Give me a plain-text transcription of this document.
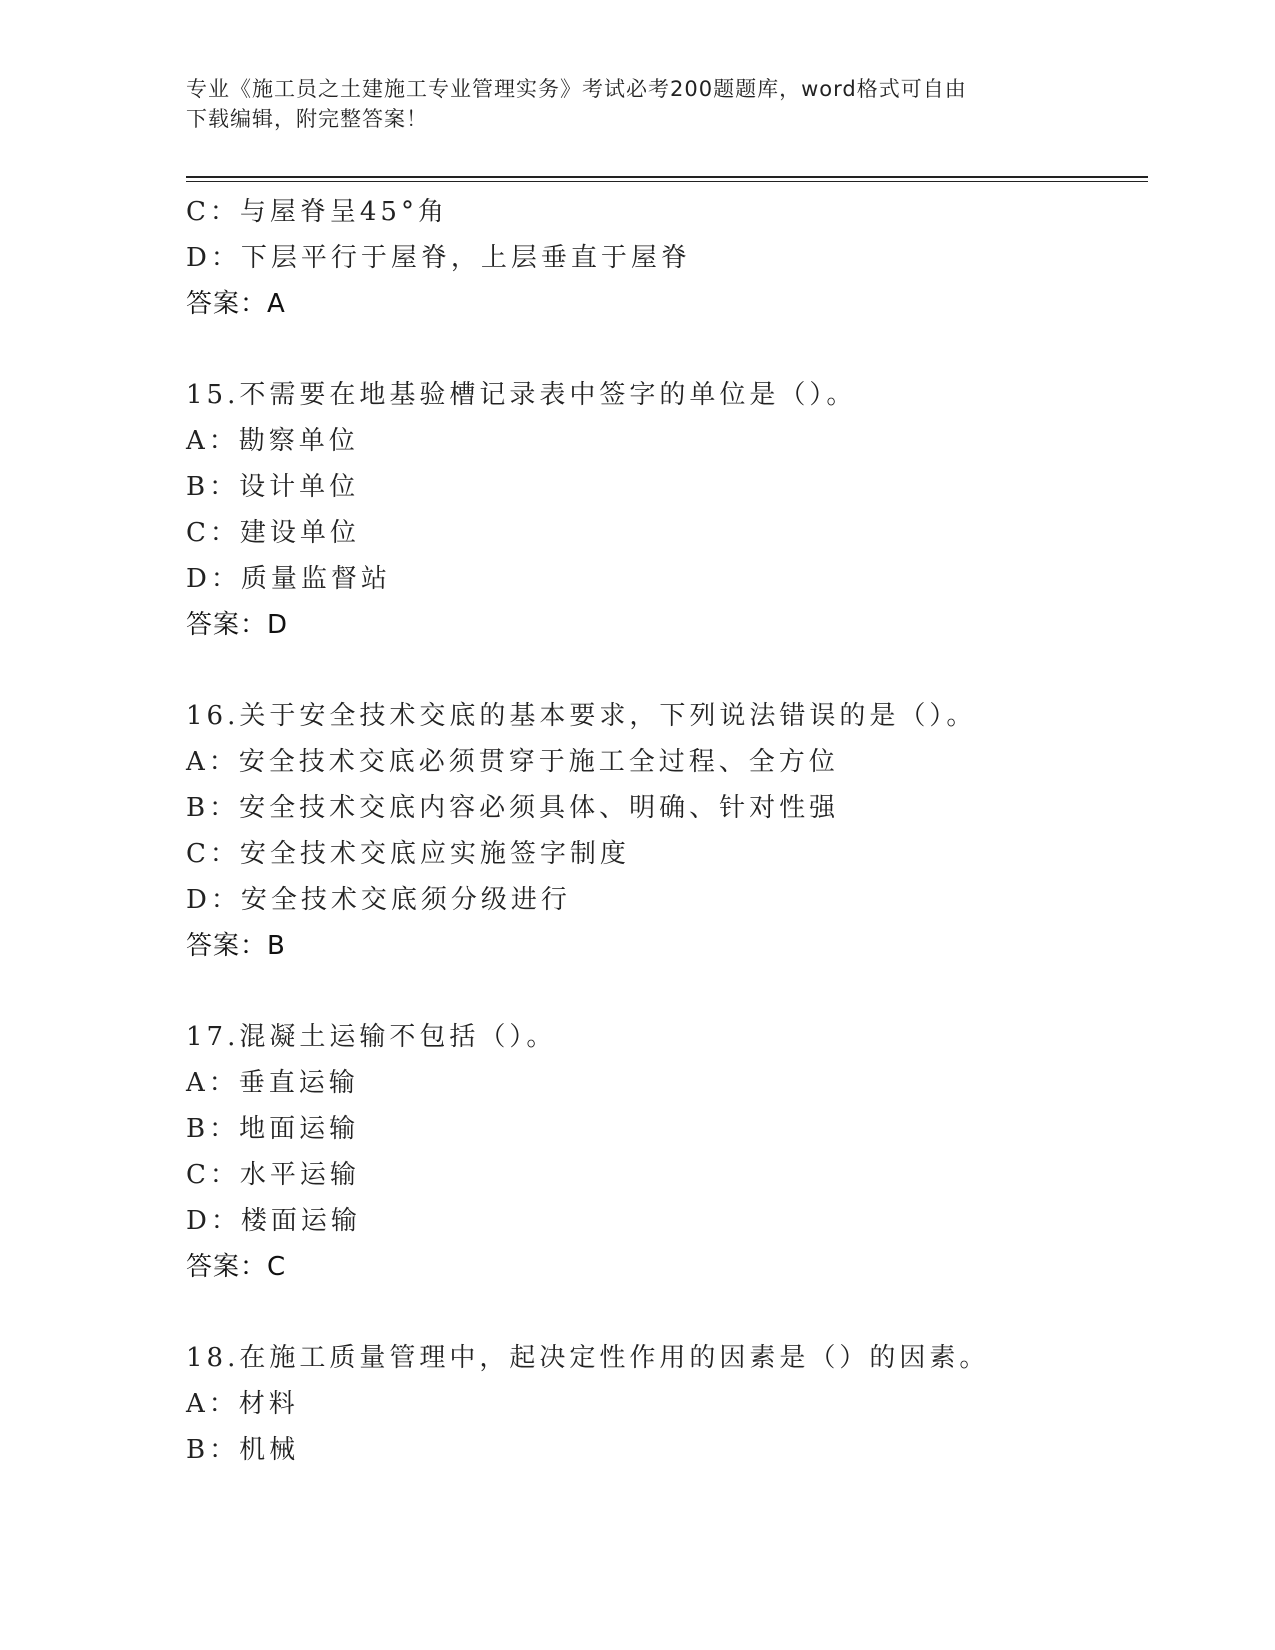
专业《施工员之土建施工专业管理实务》考试必考200题题库，word格式可自由
下载编辑，附完整答案！
C：与屋脊呈45°角
D：下层平行于屋脊，上层垂直于屋脊
答案：A
15.不需要在地基验槽记录表中签字的单位是（）。
A：勘察单位
B：设计单位
C：建设单位
D：质量监督站
答案：D
16.关于安全技术交底的基本要求，下列说法错误的是（）。
A：安全技术交底必须贯穿于施工全过程、全方位
B：安全技术交底内容必须具体、明确、针对性强
C：安全技术交底应实施签字制度
D：安全技术交底须分级进行
答案：B
17.混凝土运输不包括（）。
A：垂直运输
B：地面运输
C：水平运输
D：楼面运输
答案：C
18.在施工质量管理中，起决定性作用的因素是（）的因素。
A：材料
B：机械
